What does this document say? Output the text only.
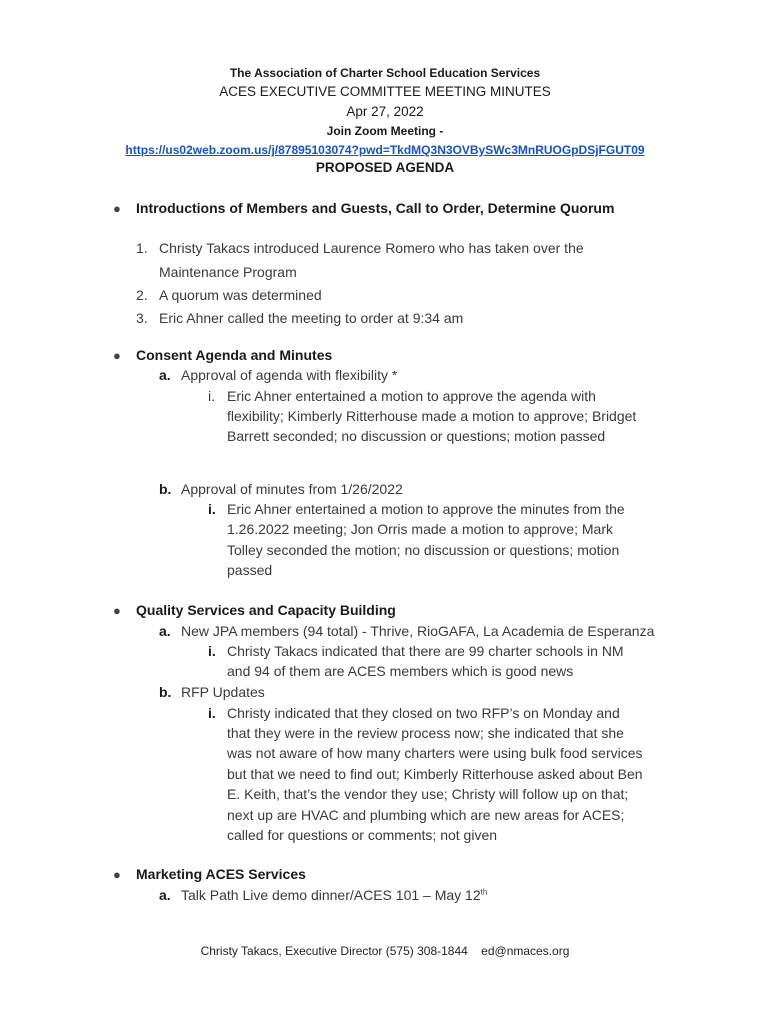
The Association of Charter School Education Services
ACES EXECUTIVE COMMITTEE MEETING MINUTES
Apr 27, 2022
Join Zoom Meeting -
https://us02web.zoom.us/j/87895103074?pwd=TkdMQ3N3OVBySWc3MnRUOGpDSjFGUT09
PROPOSED AGENDA
● Introductions of Members and Guests, Call to Order, Determine Quorum
1. Christy Takacs introduced Laurence Romero who has taken over the
Maintenance Program
2. A quorum was determined
3. Eric Ahner called the meeting to order at 9:34 am
● Consent Agenda and Minutes
a. Approval of agenda with flexibility *
i. Eric Ahner entertained a motion to approve the agenda with
flexibility; Kimberly Ritterhouse made a motion to approve; Bridget
Barrett seconded; no discussion or questions; motion passed
b. Approval of minutes from 1/26/2022
i. Eric Ahner entertained a motion to approve the minutes from the
1.26.2022 meeting; Jon Orris made a motion to approve; Mark
Tolley seconded the motion; no discussion or questions; motion
passed
● Quality Services and Capacity Building
a. New JPA members (94 total) - Thrive, RioGAFA, La Academia de Esperanza
i. Christy Takacs indicated that there are 99 charter schools in NM
and 94 of them are ACES members which is good news
b. RFP Updates
i. Christy indicated that they closed on two RFP’s on Monday and
that they were in the review process now; she indicated that she
was not aware of how many charters were using bulk food services
but that we need to find out; Kimberly Ritterhouse asked about Ben
E. Keith, that’s the vendor they use; Christy will follow up on that;
next up are HVAC and plumbing which are new areas for ACES;
called for questions or comments; not given
● Marketing ACES Services
a. Talk Path Live demo dinner/ACES 101 – May 12th
Christy Takacs, Executive Director (575) 308-1844    ed@nmaces.org
